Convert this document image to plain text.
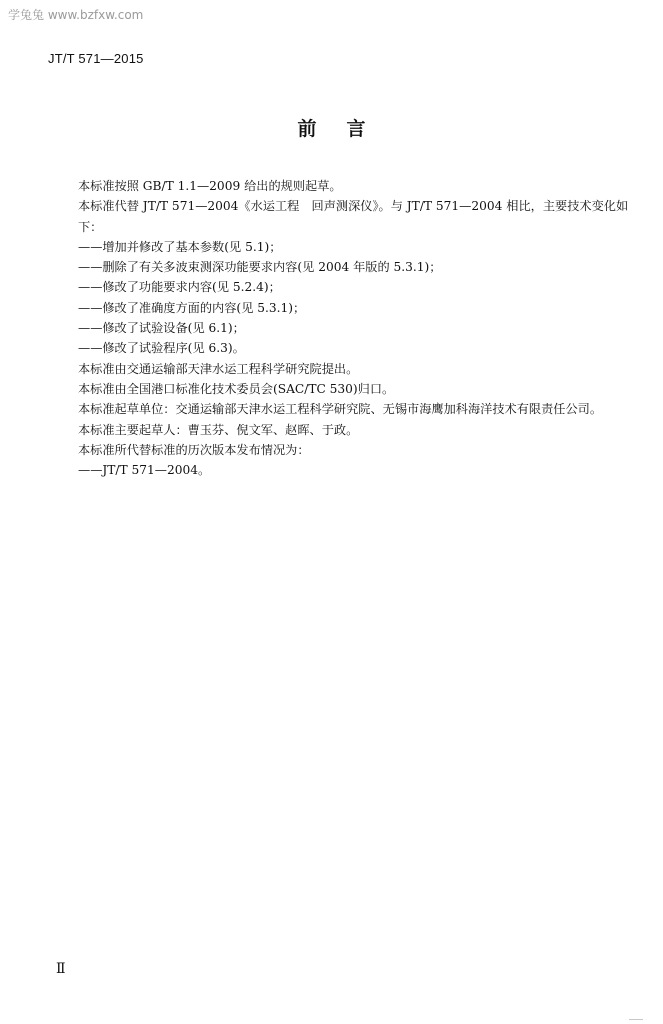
学兔兔 www.bzfxw.com
JT/T 571—2015
前 言
本标准按照 GB/T 1.1—2009 给出的规则起草。
本标准代替 JT/T 571—2004《水运工程　回声测深仪》。与 JT/T 571—2004 相比，主要技术变化如下：
——增加并修改了基本参数(见 5.1)；
——删除了有关多波束测深功能要求内容(见 2004 年版的 5.3.1)；
——修改了功能要求内容(见 5.2.4)；
——修改了准确度方面的内容(见 5.3.1)；
——修改了试验设备(见 6.1)；
——修改了试验程序(见 6.3)。
本标准由交通运输部天津水运工程科学研究院提出。
本标准由全国港口标准化技术委员会(SAC/TC 530)归口。
本标准起草单位：交通运输部天津水运工程科学研究院、无锡市海鹰加科海洋技术有限责任公司。
本标准主要起草人：曹玉芬、倪文军、赵晖、于政。
本标准所代替标准的历次版本发布情况为：
——JT/T 571—2004。
Ⅱ
